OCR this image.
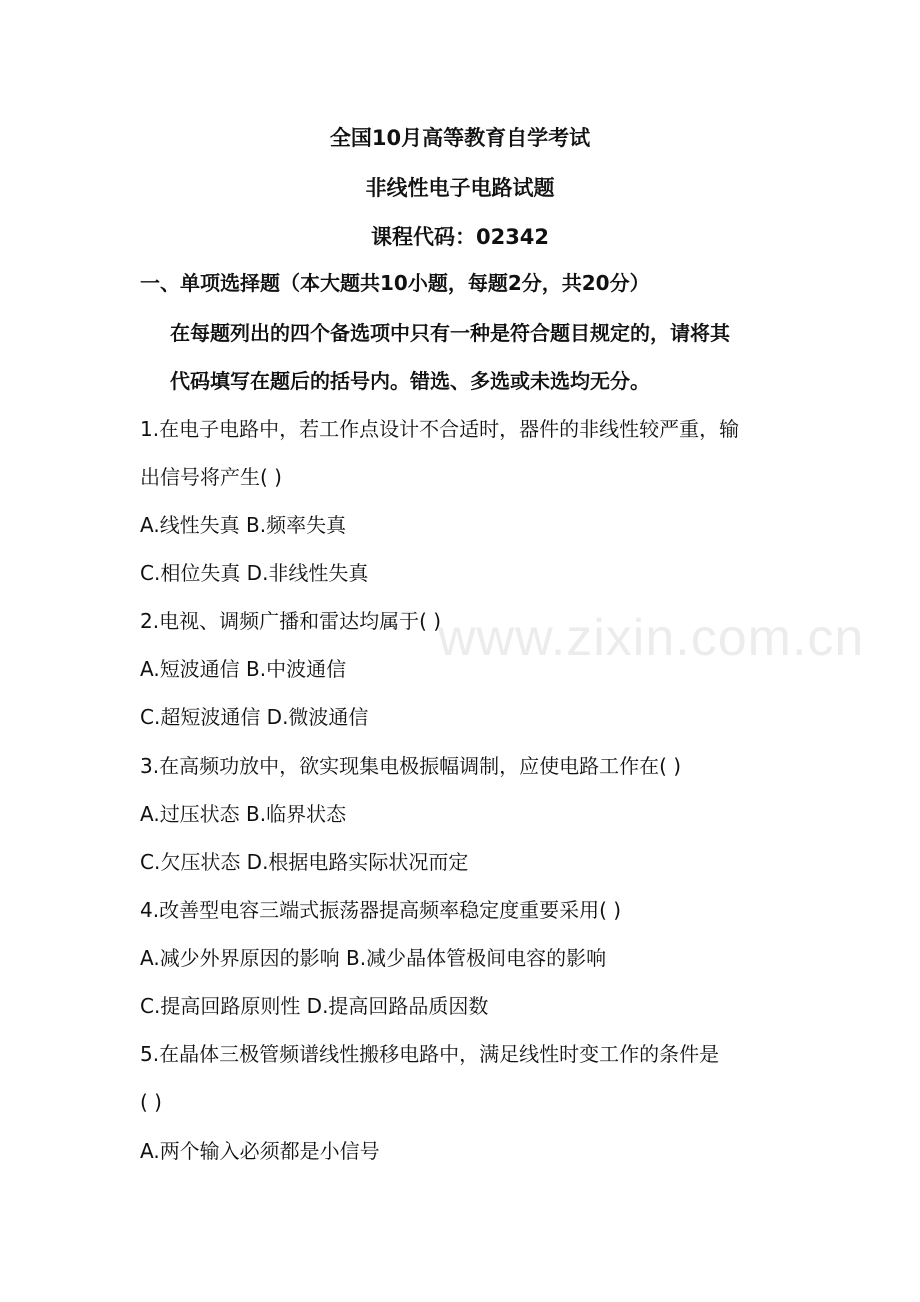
全国10月高等教育自学考试
非线性电子电路试题
课程代码：02342
一、单项选择题（本大题共10小题，每题2分，共20分）
在每题列出的四个备选项中只有一种是符合题目规定的，请将其
代码填写在题后的括号内。错选、多选或未选均无分。
1.在电子电路中，若工作点设计不合适时，器件的非线性较严重，输
出信号将产生( )
A.线性失真 B.频率失真
C.相位失真 D.非线性失真
2.电视、调频广播和雷达均属于( )
A.短波通信 B.中波通信
C.超短波通信 D.微波通信
3.在高频功放中，欲实现集电极振幅调制，应使电路工作在( )
A.过压状态 B.临界状态
C.欠压状态 D.根据电路实际状况而定
4.改善型电容三端式振荡器提高频率稳定度重要采用( )
A.减少外界原因的影响 B.减少晶体管极间电容的影响
C.提高回路原则性 D.提高回路品质因数
5.在晶体三极管频谱线性搬移电路中，满足线性时变工作的条件是
( )
A.两个输入必须都是小信号
www.zixin.com.cn
